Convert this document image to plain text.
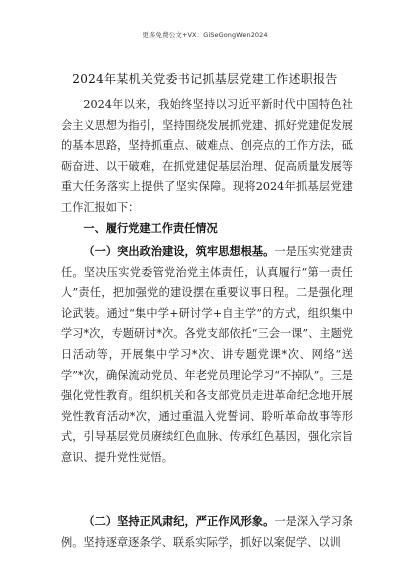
更多免费公文+VX：GiSeGongWen2024
2024年某机关党委书记抓基层党建工作述职报告

2024年以来，我始终坚持以习近平新时代中国特色社会主义思想为指引，坚持围绕发展抓党建、抓好党建促发展的基本思路，坚持抓重点、破难点、创亮点的工作方法，砥砺奋进、以干破难，在抓党建促基层治理、促高质量发展等重大任务落实上提供了坚实保障。现将2024年抓基层党建工作汇报如下：

一、履行党建工作责任情况

（一）突出政治建设，筑牢思想根基。一是压实党建责任。坚决压实党委管党治党主体责任，认真履行“第一责任人”责任，把加强党的建设摆在重要议事日程。二是强化理论武装。通过“集中学+研讨学+自主学”的方式，组织集中学习*次，专题研讨*次。各党支部依托“三会一课”、主题党日活动等，开展集中学习*次、讲专题党课*次、网络“送学”*次，确保流动党员、年老党员理论学习“不掉队”。三是强化党性教育。组织机关和各支部党员走进革命纪念地开展党性教育活动*次，通过重温入党誓词、聆听革命故事等形式，引导基层党员赓续红色血脉、传承红色基因，强化宗旨意识、提升党性觉悟。

（二）坚持正风肃纪，严正作风形象。一是深入学习条例。坚持逐章逐条学、联系实际学，抓好以案促学、以训
